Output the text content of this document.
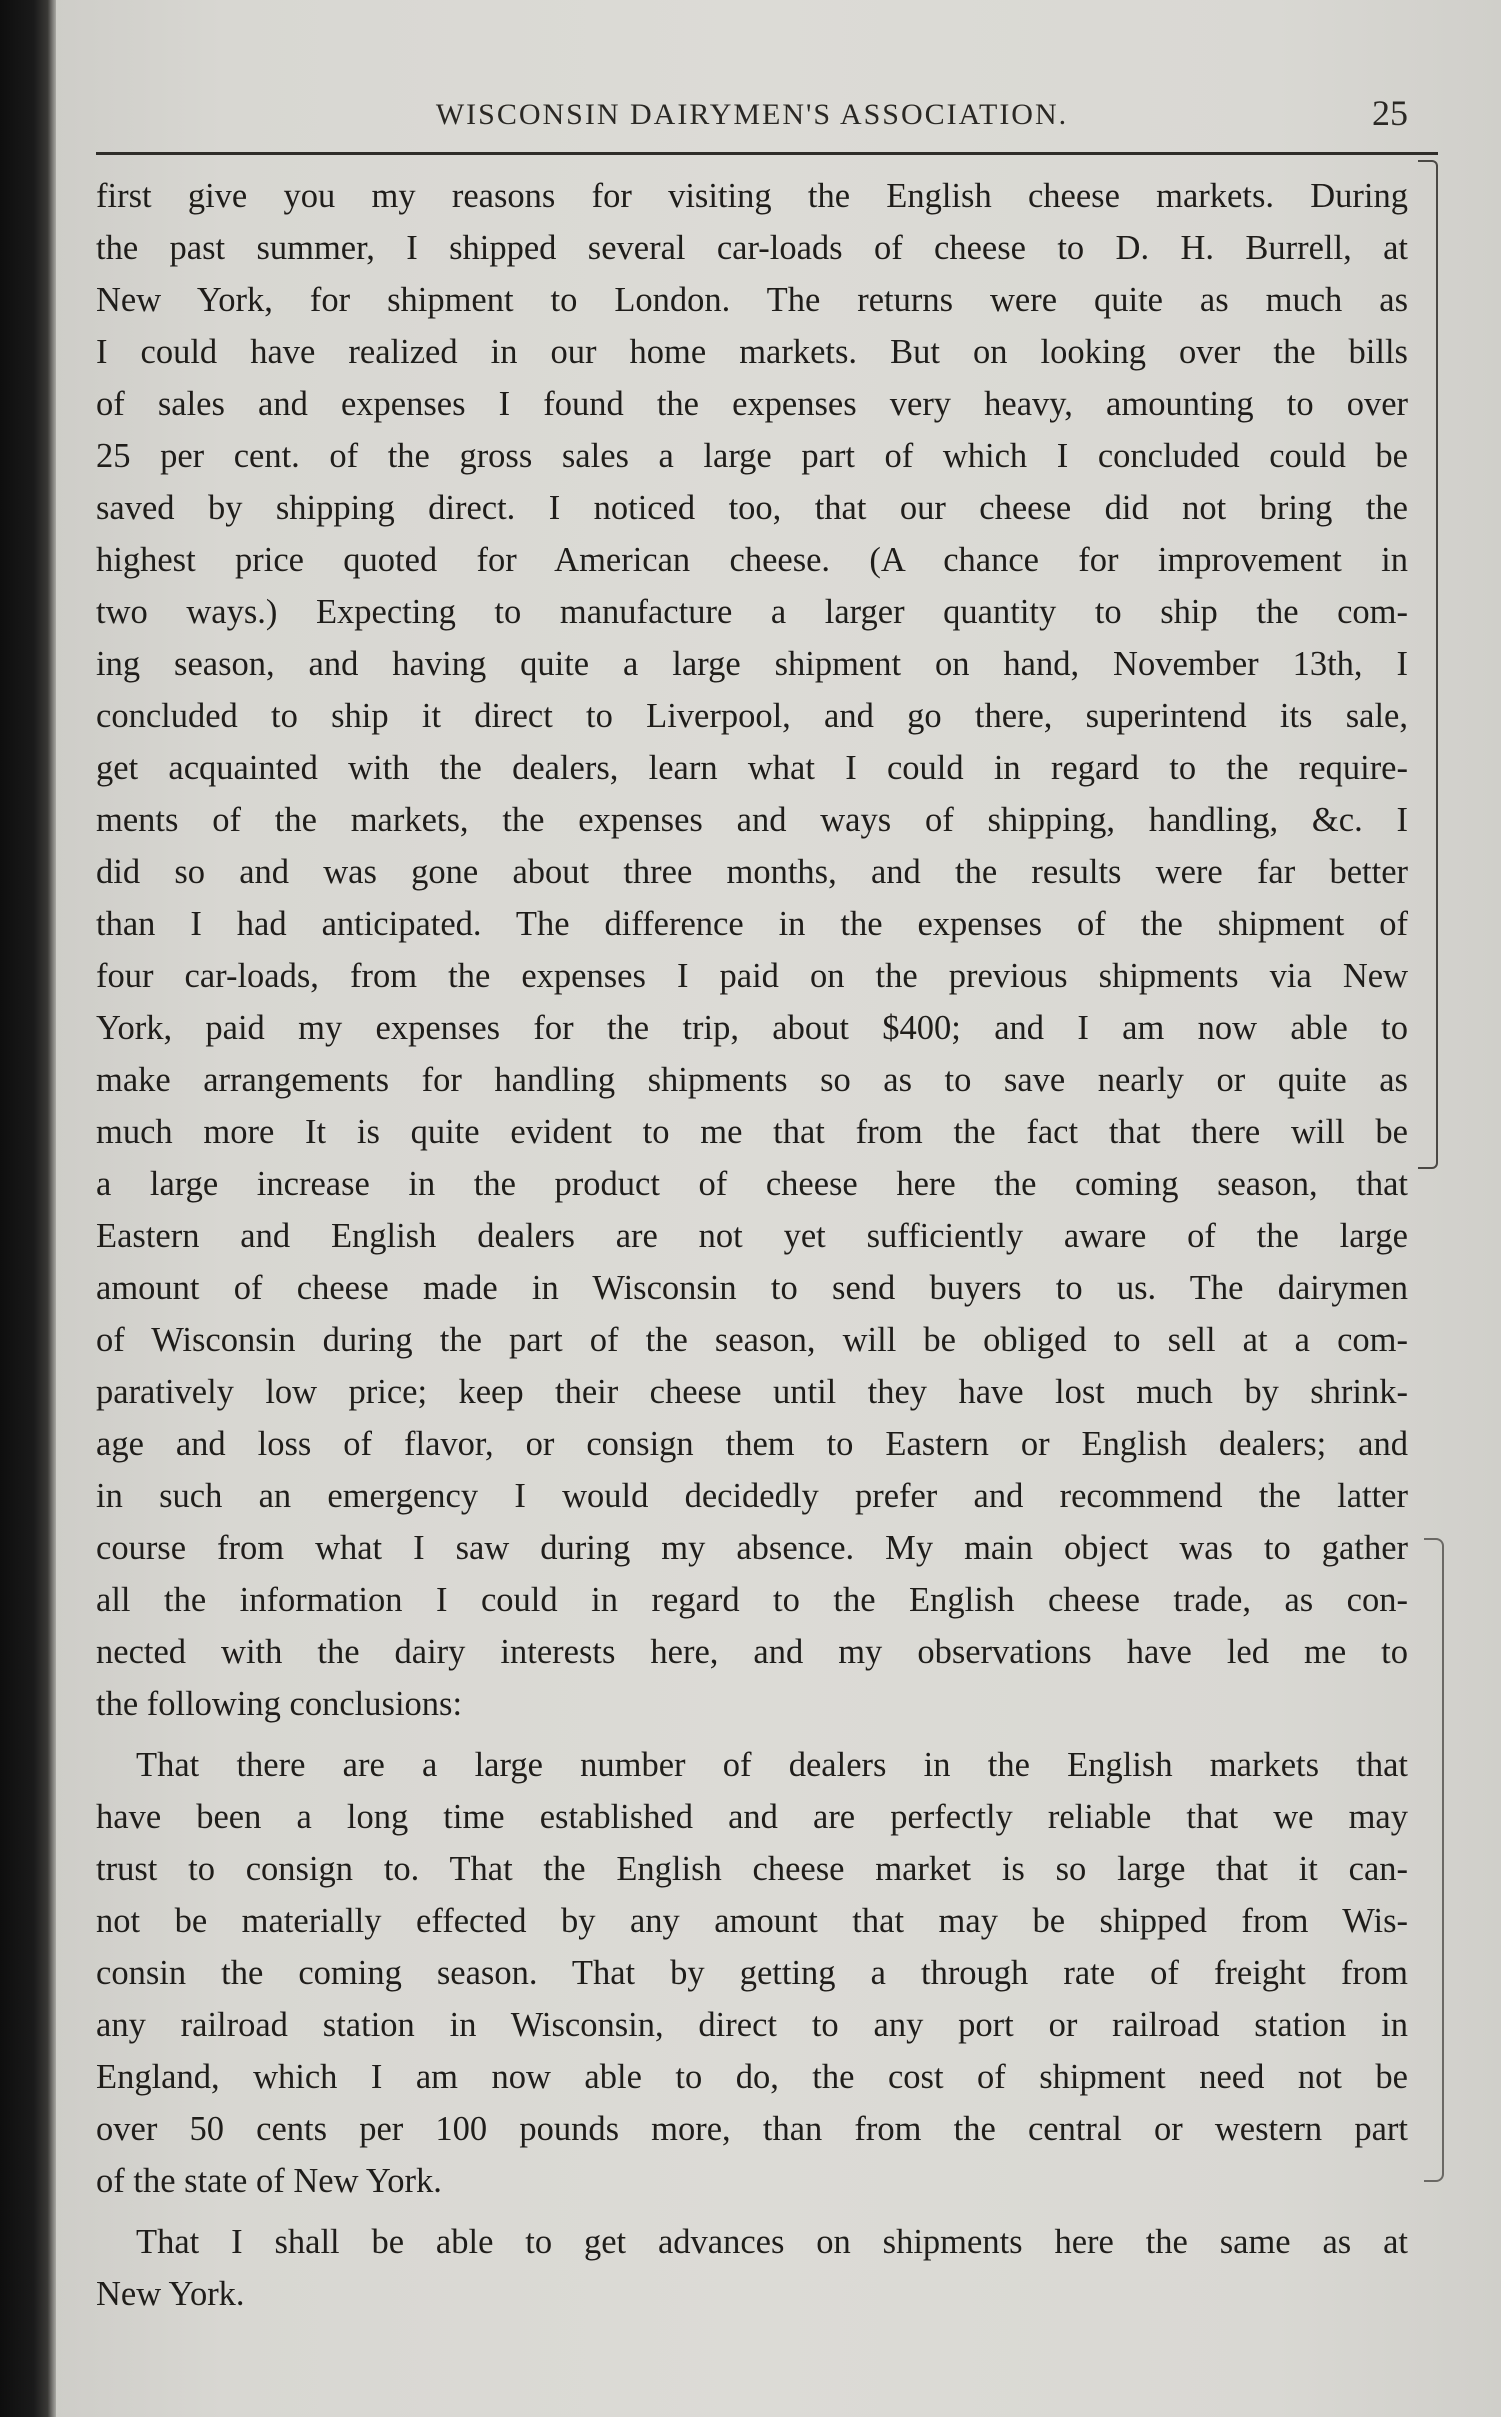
WISCONSIN DAIRYMEN'S ASSOCIATION.	25
first give you my reasons for visiting the English cheese markets. During
the past summer, I shipped several car-loads of cheese to D. H. Burrell, at
New York, for shipment to London. The returns were quite as much as
I could have realized in our home markets. But on looking over the bills
of sales and expenses I found the expenses very heavy, amounting to over
25 per cent. of the gross sales a large part of which I concluded could be
saved by shipping direct. I noticed too, that our cheese did not bring the
highest price quoted for American cheese. (A chance for improvement in
two ways.) Expecting to manufacture a larger quantity to ship the com-
ing season, and having quite a large shipment on hand, November 13th, I
concluded to ship it direct to Liverpool, and go there, superintend its sale,
get acquainted with the dealers, learn what I could in regard to the require-
ments of the markets, the expenses and ways of shipping, handling, &c. I
did so and was gone about three months, and the results were far better
than I had anticipated. The difference in the expenses of the shipment of
four car-loads, from the expenses I paid on the previous shipments via New
York, paid my expenses for the trip, about $400; and I am now able to
make arrangements for handling shipments so as to save nearly or quite as
much more It is quite evident to me that from the fact that there will be
a large increase in the product of cheese here the coming season, that
Eastern and English dealers are not yet sufficiently aware of the large
amount of cheese made in Wisconsin to send buyers to us. The dairymen
of Wisconsin during the part of the season, will be obliged to sell at a com-
paratively low price; keep their cheese until they have lost much by shrink-
age and loss of flavor, or consign them to Eastern or English dealers; and
in such an emergency I would decidedly prefer and recommend the latter
course from what I saw during my absence. My main object was to gather
all the information I could in regard to the English cheese trade, as con-
nected with the dairy interests here, and my observations have led me to
the following conclusions:
That there are a large number of dealers in the English markets that
have been a long time established and are perfectly reliable that we may
trust to consign to. That the English cheese market is so large that it can-
not be materially effected by any amount that may be shipped from Wis-
consin the coming season. That by getting a through rate of freight from
any railroad station in Wisconsin, direct to any port or railroad station in
England, which I am now able to do, the cost of shipment need not be
over 50 cents per 100 pounds more, than from the central or western part
of the state of New York.
That I shall be able to get advances on shipments here the same as at
New York.
